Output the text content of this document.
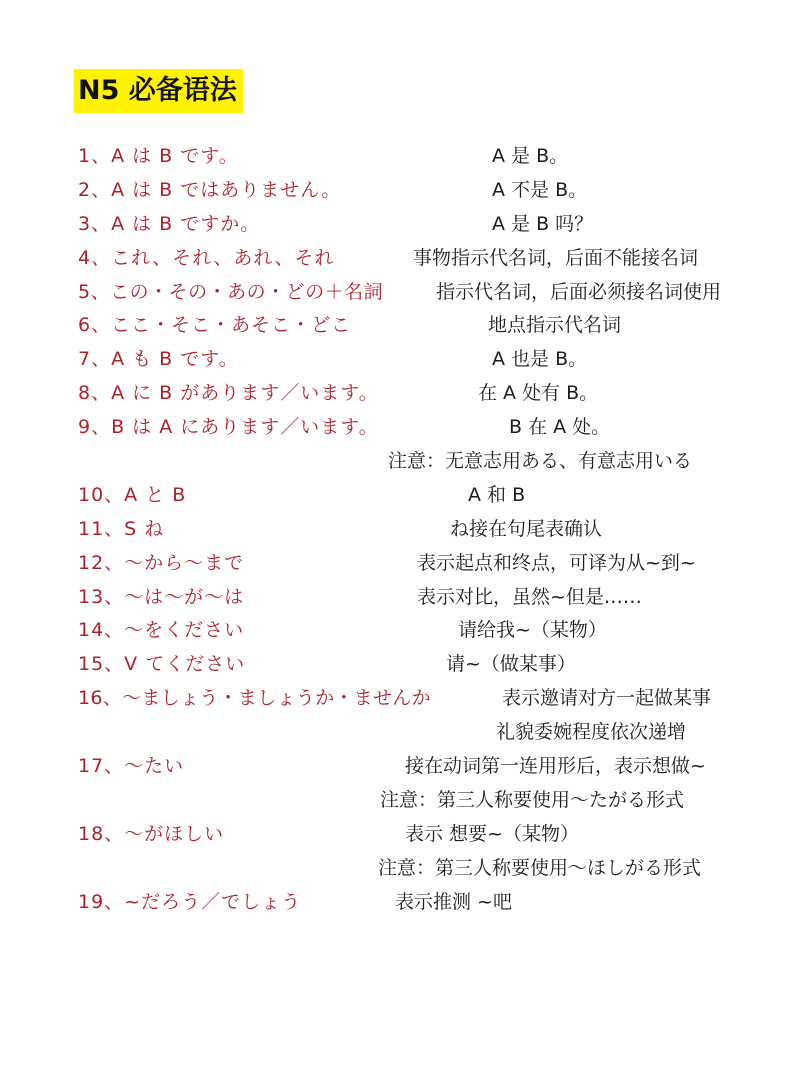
N5 必备语法
1、A は B です。	A 是 B。
2、A は B ではありません。	A 不是 B。
3、A は B ですか。	A 是 B 吗？
4、これ、それ、あれ、それ	事物指示代名词，后面不能接名词
5、この・その・あの・どの＋名詞	指示代名词，后面必须接名词使用
6、ここ・そこ・あそこ・どこ	地点指示代名词
7、A も B です。	A 也是 B。
8、A に B があります／います。	在 A 处有 B。
9、B は A にあります／います。	B 在 A 处。
注意：无意志用ある、有意志用いる
10、A と B	A 和 B
11、S ね	ね接在句尾表确认
12、～から～まで	表示起点和终点，可译为从~到~
13、～は～が～は	表示对比，虽然~但是……
14、～をください	请给我~（某物）
15、V てください	请~（做某事）
16、～ましょう・ましょうか・ませんか	表示邀请对方一起做某事
礼貌委婉程度依次递增
17、～たい	接在动词第一连用形后，表示想做~
注意：第三人称要使用～たがる形式
18、～がほしい	表示 想要~（某物）
注意：第三人称要使用～ほしがる形式
19、~だろう／でしょう	表示推测 ~吧
